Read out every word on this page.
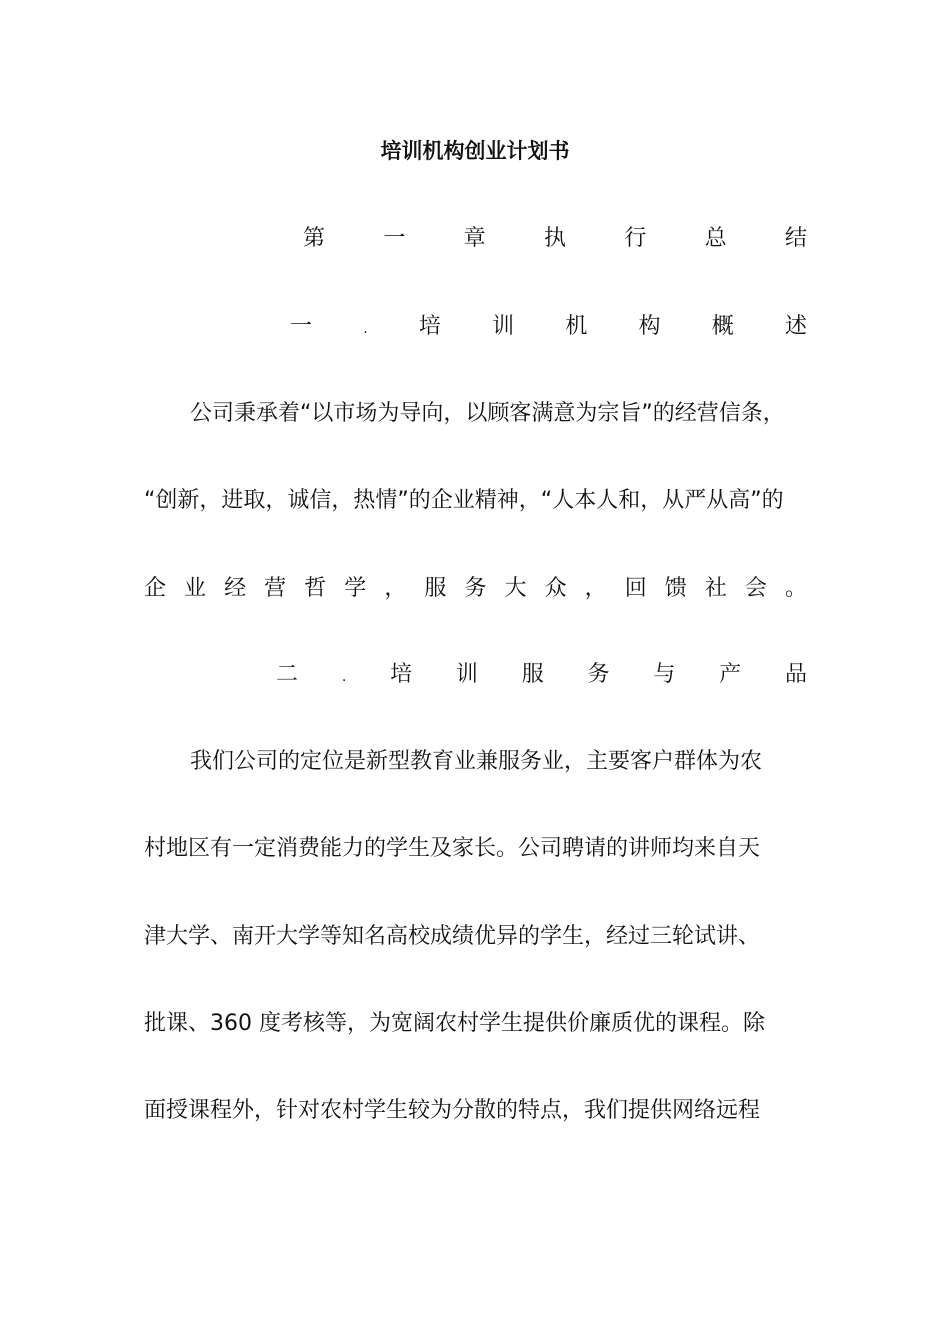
培训机构创业计划书
第	一	章	执	行	总	结
一	. 培 训 机 构 概 述
公司秉承着“以市场为导向，以顾客满意为宗旨”的经营信条，
“创新，进取，诚信，热情”的企业精神，“人本人和，从严从高”的
企业经营哲学，服务大众，回馈社会。
二	. 培 训 服 务 与 产 品
我们公司的定位是新型教育业兼服务业，主要客户群体为农
村地区有一定消费能力的学生及家长。公司聘请的讲师均来自天
津大学、南开大学等知名高校成绩优异的学生，经过三轮试讲、
批课、360 度考核等，为宽阔农村学生提供价廉质优的课程。除
面授课程外，针对农村学生较为分散的特点，我们提供网络远程
